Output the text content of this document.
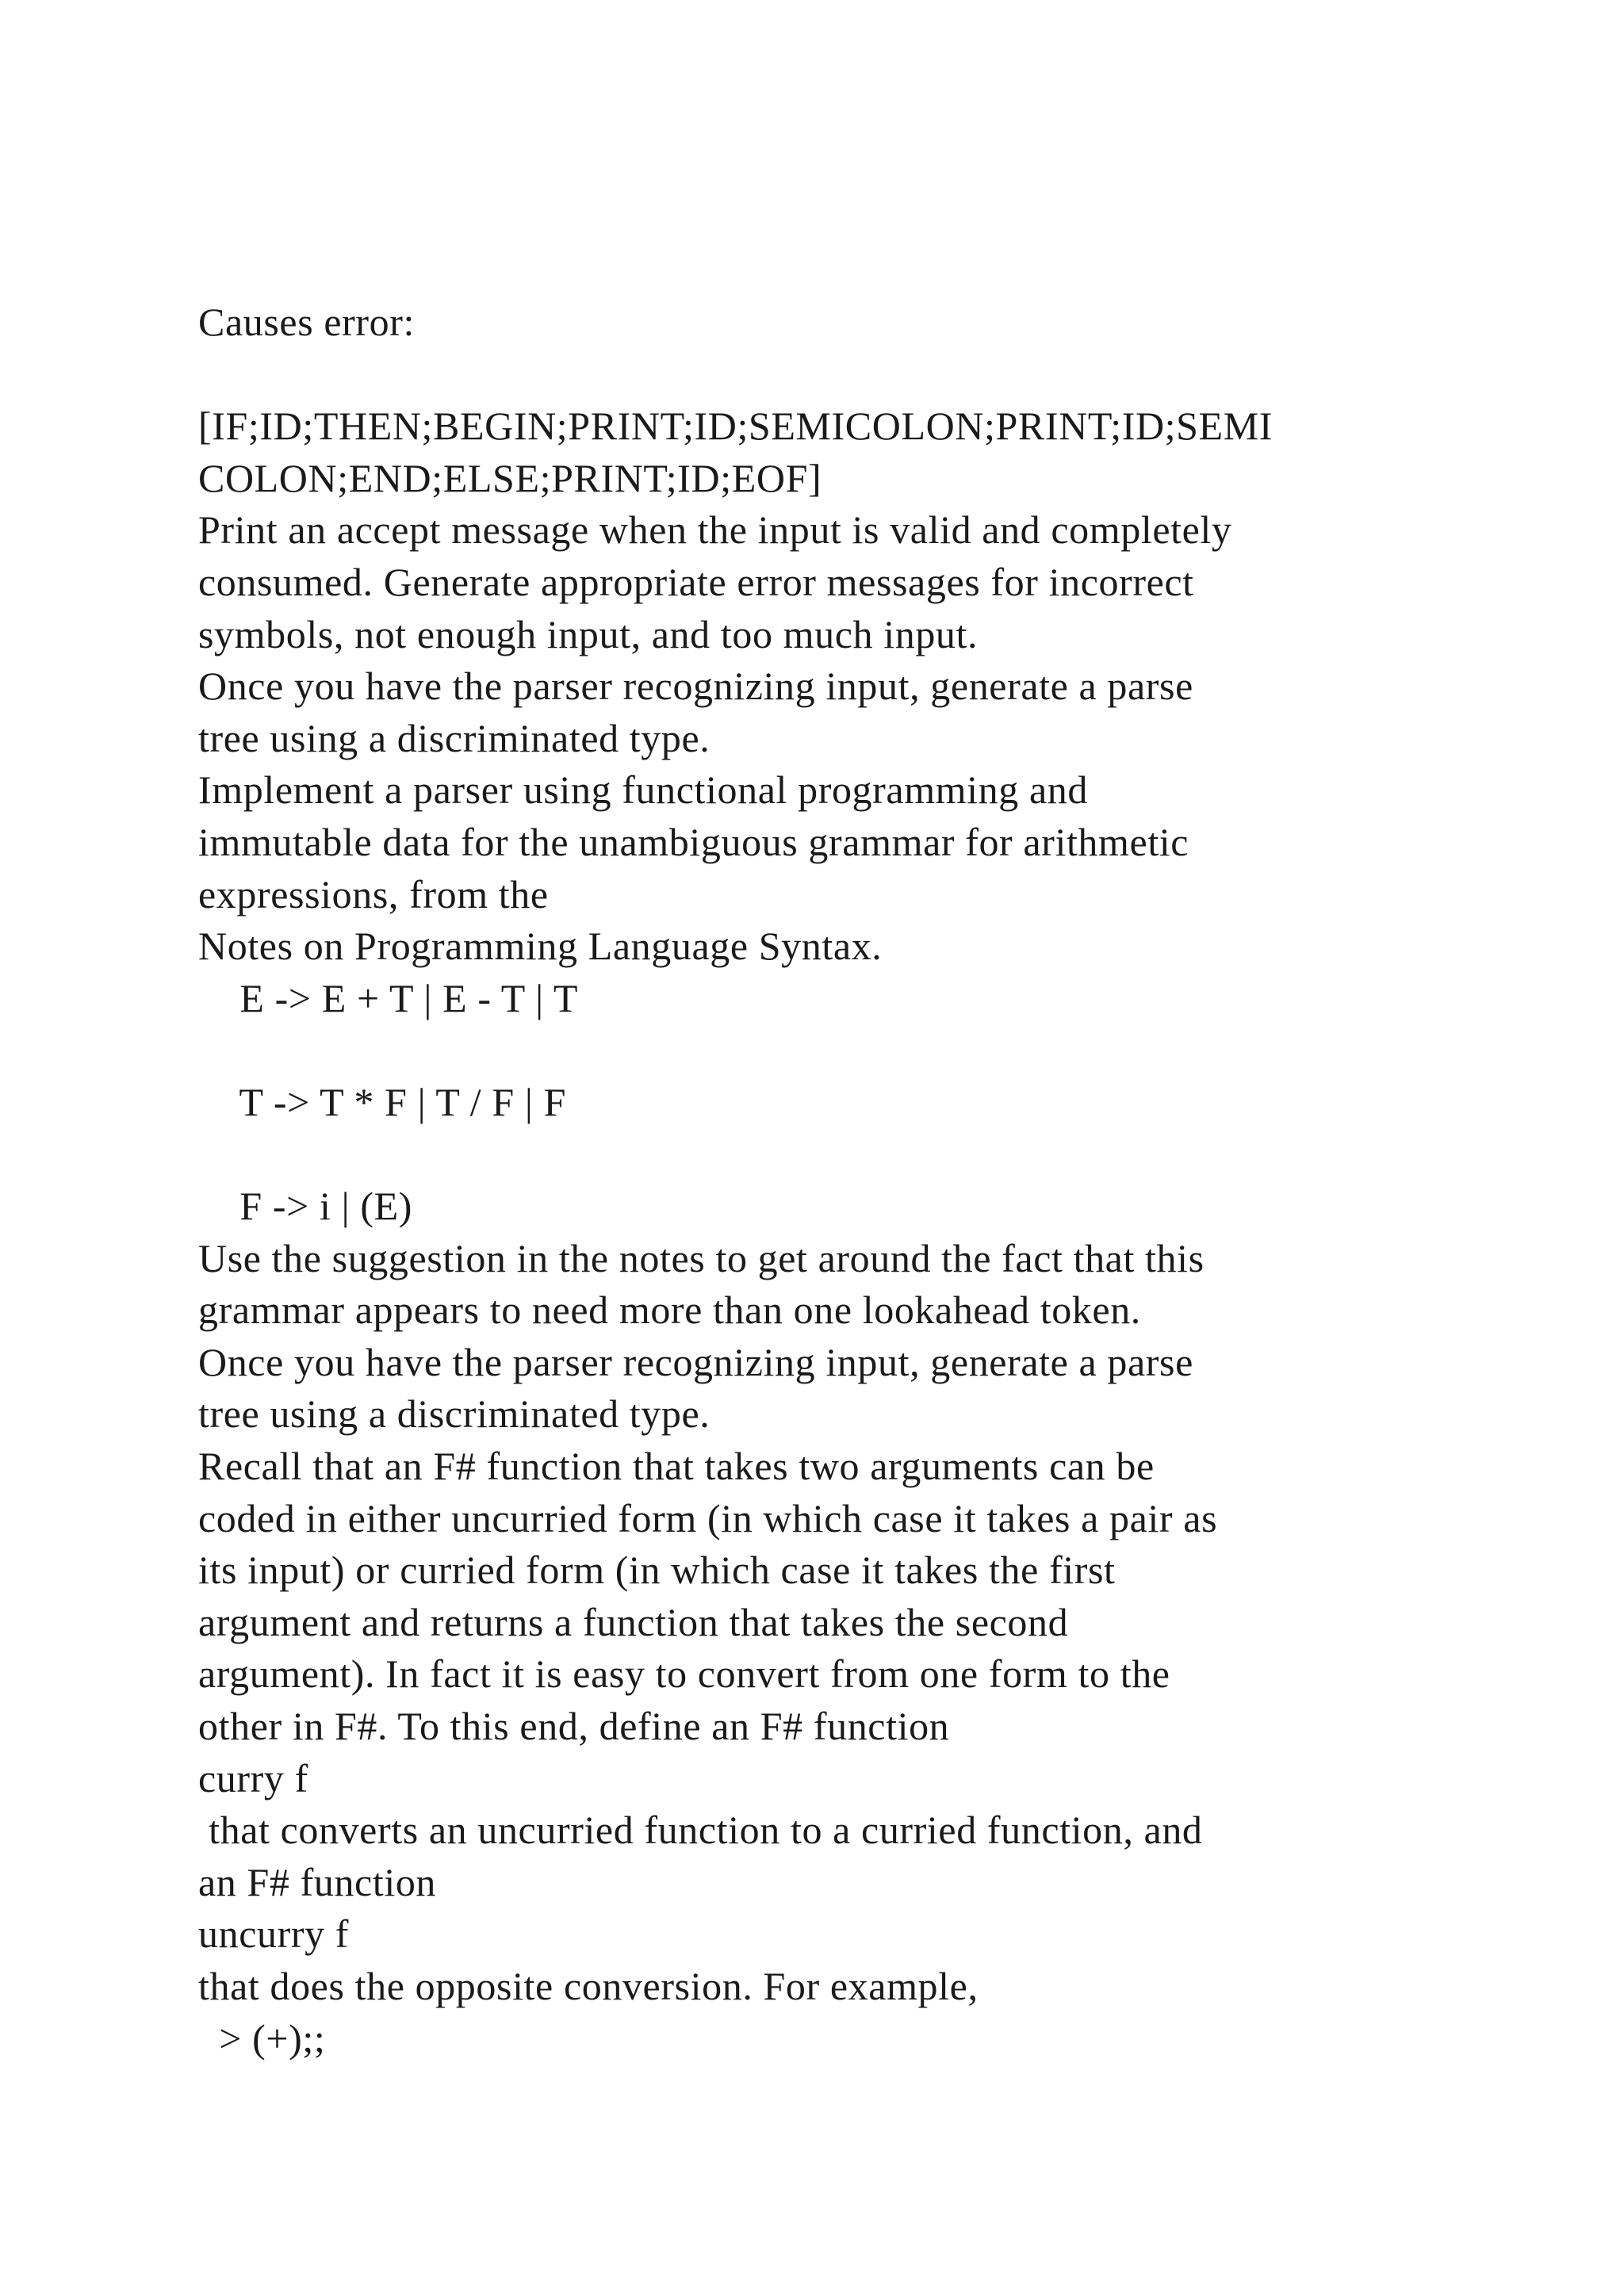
Causes error:
[IF;ID;THEN;BEGIN;PRINT;ID;SEMICOLON;PRINT;ID;SEMI
COLON;END;ELSE;PRINT;ID;EOF]
Print an accept message when the input is valid and completely
consumed. Generate appropriate error messages for incorrect
symbols, not enough input, and too much input.
Once you have the parser recognizing input, generate a parse
tree using a discriminated type.
Implement a parser using functional programming and
immutable data for the unambiguous grammar for arithmetic
expressions, from the
Notes on Programming Language Syntax.
E -> E + T | E - T | T
T -> T * F | T / F | F
F -> i | (E)
Use the suggestion in the notes to get around the fact that this
grammar appears to need more than one lookahead token.
Once you have the parser recognizing input, generate a parse
tree using a discriminated type.
Recall that an F# function that takes two arguments can be
coded in either uncurried form (in which case it takes a pair as
its input) or curried form (in which case it takes the first
argument and returns a function that takes the second
argument). In fact it is easy to convert from one form to the
other in F#. To this end, define an F# function
curry f
that converts an uncurried function to a curried function, and
an F# function
uncurry f
that does the opposite conversion. For example,
> (+);;
